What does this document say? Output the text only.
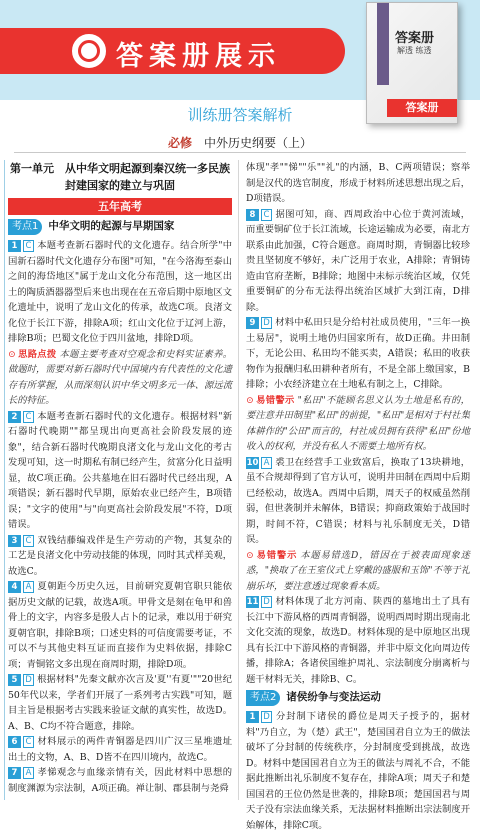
答案册展示
答案册
解透 练透
答案册
训练册答案解析
必修 中外历史纲要（上）
第一单元　从中华文明起源到秦汉统一多民族封建国家的建立与巩固
五年高考
考点1 中华文明的起源与早期国家
1 C 本题考查新石器时代的文化遗存。结合所学"中国新石器时代文化遗存分布图"可知，"在今洛海至泰山之间的海岱地区"属于龙山文化分布范围，这一地区出土的陶质酒器器型后来也出现在在五帝后期中原地区文化遗址中，说明了龙山文化的传承，故选C项。良渚文化位于长江下游，排除A项；红山文化位于辽河上游，排除B项；巴蜀文化位于四川盆地，排除D项。
⊙ 思路点拨 本题主要考查对空观念和史料实证素养。做题时，需要对新石器时代中国境内有代表性的文化遗存有所掌握，从而深刻认识中华文明多元一体、源远流长的特征。
2 C 本题考查新石器时代的文化遗存。根据材料"新石器时代晚期""都呈现出向更高社会阶段发展的迹象"，结合新石器时代晚期良渚文化与龙山文化的考古发现可知，这一时期私有制已经产生，贫富分化日益明显，故C项正确。公共墓地在旧石器时代已经出现，A项错误；新石器时代早期，原始农业已经产生，B项错误；"文字的使用"与"向更高社会阶段发展"不符，D项错误。
3 C 双钱结藤编戏伴是生产劳动的产物，其复杂的工艺是良渚文化中劳动技能的体现，同时其式样美观，故选C。
4 A 夏朝距今历史久远，目前研究夏朝官职只能依据历史文献的记载，故选A项。甲骨文是刻在龟甲和兽骨上的文字，内容多是殷人占卜的记录，难以用于研究夏朝官职，排除B项；口述史料的可信度需要考证，不可以不与其他史料互证而直接作为史料依据，排除C项；青铜铭文多出现在商周时期，排除D项。
5 D 根据材料"先秦文献亦次言及'夏''有夏'""20世纪50年代以来，学者们开展了一系列考古实践"可知，题目主旨是根据考古实践来验证文献的真实性，故选D。A、B、C均不符合题意，排除。
6 C 材料展示的两件青铜器是四川广汉三星堆遗址出土的文物，A、B、D皆不在四川境内，故选C。
7 A 孝悌观念与血缘亲情有关，因此材料中思想的制度渊源为宗法制，A项正确。禅让制、郡县制与尧舜
体现"孝""悌""乐""礼"的内涵，B、C两项错误；察举制是汉代的选官制度，形成于材料所述思想出现之后，D项错误。
8 C 据图可知，商、西周政治中心位于黄河流域，而重要铜矿位于长江流域，长途运输成为必要，南北方联系由此加强，C符合题意。商周时期，青铜器比较珍贵且坚韧度不够好，未广泛用于农业，A排除；青铜铸造由官府垄断，B排除；地图中未标示统治区域，仅凭重要铜矿的分布无法得出统治区域扩大到江南，D排除。
9 D 材料中私田只是分给村社成员使用，"三年一换土易居"，说明土地仍归国家所有，故D正确。井田制下，无论公田、私田均不能买卖，A错误；私田的收获物作为报酬归私田耕种者所有，不是全部上缴国家，B排除；小农经济建立在土地私有制之上，C排除。
⊙ 易错警示 "私田"不能顾名思义认为土地是私有的，要注意井田制里"私田"的前提，"私田"是相对于村社集体耕作的"公田"而言的，村社成员拥有获得"私田"份地收入的权利，并没有私人不需要土地所有权。
10 A 裘卫在经营手工业致富后，换取了13块耕地，虽不合规却得到了官方认可，说明井田制在西周中后期已经松动，故选A。西周中后期，周天子的权威虽然削弱，但世袭制并未解体，B错误；抑商政策始于战国时期，时间不符，C错误；材料与礼乐制度无关，D错误。
⊙ 易错警示 本题易错选D，错因在于被表面现象迷惑，"换取了在王室仪式上穿戴的盛服和玉饰"不等于礼崩乐坏，要注意透过现象看本质。
11 D 材料体现了北方河南、陕西的墓地出土了具有长江中下游风格的西周青铜器，说明西周时期出现南北文化交流的现象，故选D。材料体现的是中原地区出现具有长江中下游风格的青铜器，并非中原文化向周边传播，排除A；各诸侯国维护周礼、宗法制度分崩离析与题干材料无关，排除B、C。
考点2 诸侯纷争与变法运动
1 D 分封制下诸侯的爵位是周天子授予的，据材料"乃自立，为（楚）武王"，楚国国君自立为王的做法破坏了分封制的传统秩序，分封制度受到挑战，故选D。材料中楚国国君自立为王的做法与周礼不合，不能据此推断出礼乐制度不复存在，排除A项；周天子和楚国国君的王位仍然是世袭的，排除B项；楚国国君与周天子没有宗法血缘关系，无法据材料推断出宗法制度开始解体，排除C项。
